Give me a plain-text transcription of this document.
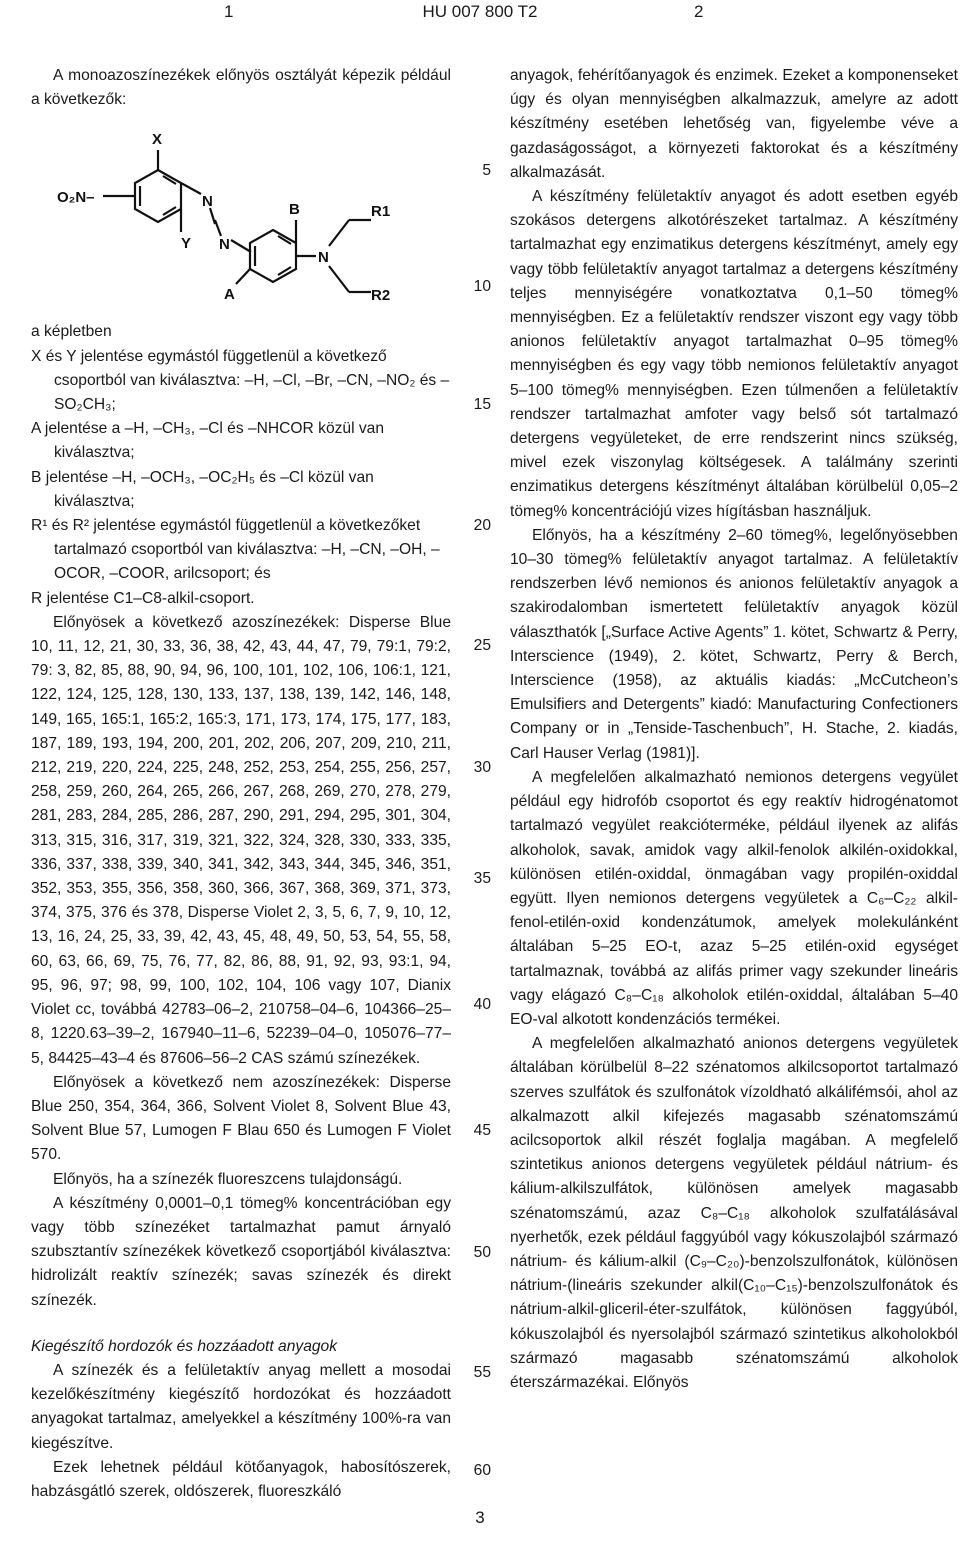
1	HU 007 800 T2	2

A monoazoszínezékek előnyös osztályát képezik például a következők:

X
O₂N–
Y
N
N
B
A
N
R1
R2

a képletben

X és Y jelentése egymástól függetlenül a következő csoportból van kiválasztva: –H, –Cl, –Br, –CN, –NO₂ és –SO₂CH₃;

A jelentése a –H, –CH₃, –Cl és –NHCOR közül van kiválasztva;

B jelentése –H, –OCH₃, –OC₂H₅ és –Cl közül van kiválasztva;

R¹ és R² jelentése egymástól függetlenül a következőket tartalmazó csoportból van kiválasztva: –H, –CN, –OH, –OCOR, –COOR, arilcsoport; és

R jelentése C1–C8-alkil-csoport.

Előnyösek a következő azoszínezékek: Disperse Blue 10, 11, 12, 21, 30, 33, 36, 38, 42, 43, 44, 47, 79, 79:1, 79:2, 79: 3, 82, 85, 88, 90, 94, 96, 100, 101, 102, 106, 106:1, 121, 122, 124, 125, 128, 130, 133, 137, 138, 139, 142, 146, 148, 149, 165, 165:1, 165:2, 165:3, 171, 173, 174, 175, 177, 183, 187, 189, 193, 194, 200, 201, 202, 206, 207, 209, 210, 211, 212, 219, 220, 224, 225, 248, 252, 253, 254, 255, 256, 257, 258, 259, 260, 264, 265, 266, 267, 268, 269, 270, 278, 279, 281, 283, 284, 285, 286, 287, 290, 291, 294, 295, 301, 304, 313, 315, 316, 317, 319, 321, 322, 324, 328, 330, 333, 335, 336, 337, 338, 339, 340, 341, 342, 343, 344, 345, 346, 351, 352, 353, 355, 356, 358, 360, 366, 367, 368, 369, 371, 373, 374, 375, 376 és 378, Disperse Violet 2, 3, 5, 6, 7, 9, 10, 12, 13, 16, 24, 25, 33, 39, 42, 43, 45, 48, 49, 50, 53, 54, 55, 58, 60, 63, 66, 69, 75, 76, 77, 82, 86, 88, 91, 92, 93, 93:1, 94, 95, 96, 97; 98, 99, 100, 102, 104, 106 vagy 107, Dianix Violet cc, továbbá 42783–06–2, 210758–04–6, 104366–25–8, 1220.63–39–2, 167940–11–6, 52239–04–0, 105076–77–5, 84425–43–4 és 87606–56–2 CAS számú színezékek.

Előnyösek a következő nem azoszínezékek: Disperse Blue 250, 354, 364, 366, Solvent Violet 8, Solvent Blue 43, Solvent Blue 57, Lumogen F Blau 650 és Lumogen F Violet 570.

Előnyös, ha a színezék fluoreszcens tulajdonságú.

A készítmény 0,0001–0,1 tömeg% koncentrációban egy vagy több színezéket tartalmazhat pamut árnyaló szubsztantív színezékek következő csoportjából kiválasztva: hidrolizált reaktív színezék; savas színezék és direkt színezék.

Kiegészítő hordozók és hozzáadott anyagok

A színezék és a felületaktív anyag mellett a mosodai kezelőkészítmény kiegészítő hordozókat és hozzáadott anyagokat tartalmaz, amelyekkel a készítmény 100%-ra van kiegészítve.

Ezek lehetnek például kötőanyagok, habosítószerek, habzásgátló szerek, oldószerek, fluoreszkáló

anyagok, fehérítőanyagok és enzimek. Ezeket a komponenseket úgy és olyan mennyiségben alkalmazzuk, amelyre az adott készítmény esetében lehetőség van, figyelembe véve a gazdaságosságot, a környezeti faktorokat és a készítmény alkalmazását.

A készítmény felületaktív anyagot és adott esetben egyéb szokásos detergens alkotórészeket tartalmaz. A készítmény tartalmazhat egy enzimatikus detergens készítményt, amely egy vagy több felületaktív anyagot tartalmaz a detergens készítmény teljes mennyiségére vonatkoztatva 0,1–50 tömeg% mennyiségben. Ez a felületaktív rendszer viszont egy vagy több anionos felületaktív anyagot tartalmazhat 0–95 tömeg% mennyiségben és egy vagy több nemionos felületaktív anyagot 5–100 tömeg% mennyiségben. Ezen túlmenően a felületaktív rendszer tartalmazhat amfoter vagy belső sót tartalmazó detergens vegyületeket, de erre rendszerint nincs szükség, mivel ezek viszonylag költségesek. A találmány szerinti enzimatikus detergens készítményt általában körülbelül 0,05–2 tömeg% koncentrációjú vizes hígításban használjuk.

Előnyös, ha a készítmény 2–60 tömeg%, legelőnyösebben 10–30 tömeg% felületaktív anyagot tartalmaz. A felületaktív rendszerben lévő nemionos és anionos felületaktív anyagok a szakirodalomban ismertetett felületaktív anyagok közül választhatók [„Surface Active Agents” 1. kötet, Schwartz & Perry, Interscience (1949), 2. kötet, Schwartz, Perry & Berch, Interscience (1958), az aktuális kiadás: „McCutcheon’s Emulsifiers and Detergents” kiadó: Manufacturing Confectioners Company or in „Tenside-Taschenbuch”, H. Stache, 2. kiadás, Carl Hauser Verlag (1981)].

A megfelelően alkalmazható nemionos detergens vegyület például egy hidrofób csoportot és egy reaktív hidrogénatomot tartalmazó vegyület reakcióterméke, például ilyenek az alifás alkoholok, savak, amidok vagy alkil-fenolok alkilén-oxidokkal, különösen etilén-oxiddal, önmagában vagy propilén-oxiddal együtt. Ilyen nemionos detergens vegyületek a C₆–C₂₂ alkil-fenol-etilén-oxid kondenzátumok, amelyek molekulánként általában 5–25 EO-t, azaz 5–25 etilén-oxid egységet tartalmaznak, továbbá az alifás primer vagy szekunder lineáris vagy elágazó C₈–C₁₈ alkoholok etilén-oxiddal, általában 5–40 EO-val alkotott kondenzációs termékei.

A megfelelően alkalmazható anionos detergens vegyületek általában körülbelül 8–22 szénatomos alkilcsoportot tartalmazó szerves szulfátok és szulfonátok vízoldható alkálifémsói, ahol az alkalmazott alkil kifejezés magasabb szénatomszámú acilcsoportok alkil részét foglalja magában. A megfelelő szintetikus anionos detergens vegyületek például nátrium- és kálium-alkilszulfátok, különösen amelyek magasabb szénatomszámú, azaz C₈–C₁₈ alkoholok szulfatálásával nyerhetők, ezek például faggyúból vagy kókuszolajból származó nátrium- és kálium-alkil (C₉–C₂₀)-benzolszulfonátok, különösen nátrium-(lineáris szekunder alkil(C₁₀–C₁₅)-benzolszulfonátok és nátrium-alkil-gliceril-éter-szulfátok, különösen faggyúból, kókuszolajból és nyersolajból származó szintetikus alkoholokból származó magasabb szénatomszámú alkoholok éterszármazékai. Előnyös

5
10
15
20
25
30
35
40
45
50
55
60
3
